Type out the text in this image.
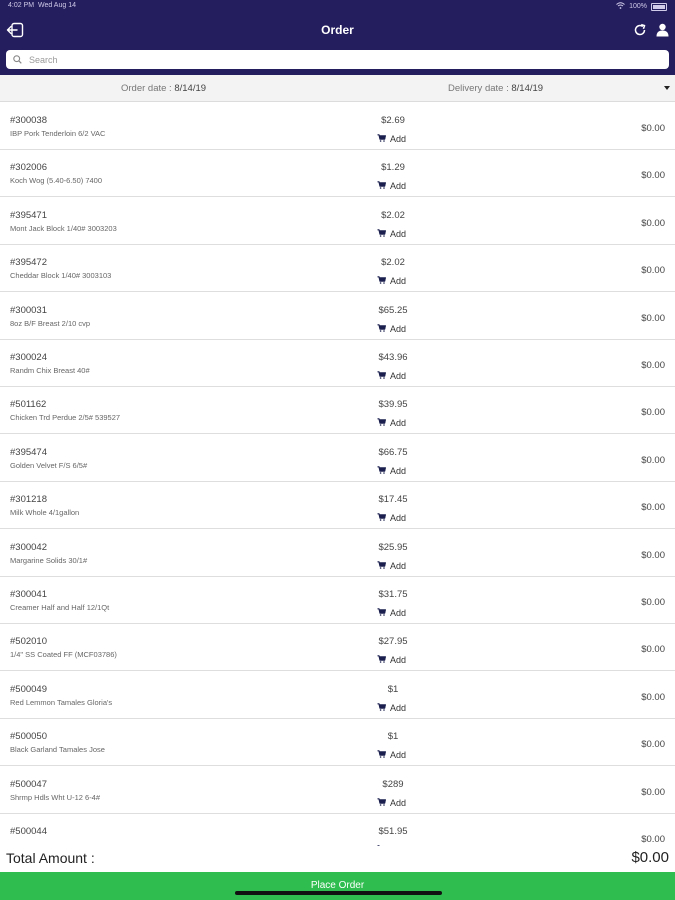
4:02 PM Wed Aug 14	100%
Order
Search
Order date : 8/14/19	Delivery date : 8/14/19
#300038
IBP Pork Tenderloin 6/2 VAC
$2.69
Add
$0.00
#302006
Koch Wog (5.40-6.50) 7400
$1.29
Add
$0.00
#395471
Mont Jack Block 1/40# 3003203
$2.02
Add
$0.00
#395472
Cheddar Block 1/40# 3003103
$2.02
Add
$0.00
#300031
8oz B/F Breast 2/10 cvp
$65.25
Add
$0.00
#300024
Randm Chix Breast 40#
$43.96
Add
$0.00
#501162
Chicken Trd Perdue 2/5# 539527
$39.95
Add
$0.00
#395474
Golden Velvet F/S 6/5#
$66.75
Add
$0.00
#301218
Milk Whole 4/1gallon
$17.45
Add
$0.00
#300042
Margarine Solids 30/1#
$25.95
Add
$0.00
#300041
Creamer Half and Half 12/1Qt
$31.75
Add
$0.00
#502010
1/4" SS Coated FF (MCF03786)
$27.95
Add
$0.00
#500049
Red Lemmon Tamales Gloria's
$1
Add
$0.00
#500050
Black Garland Tamales Jose
$1
Add
$0.00
#500047
Shrmp Hdls Wht U-12 6-4#
$289
Add
$0.00
#500044	$51.95
$0.00
Total Amount :	$0.00
Place Order
